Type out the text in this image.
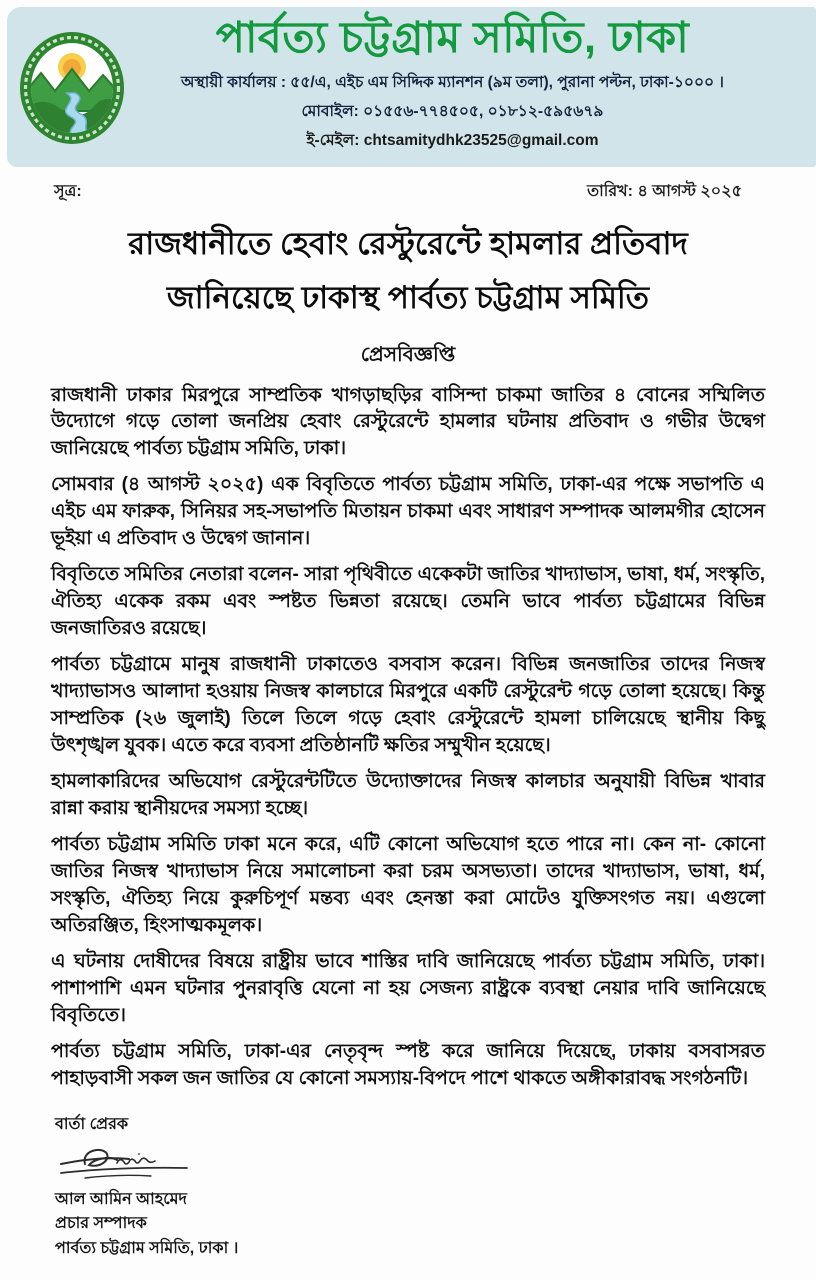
পার্বত্য চট্টগ্রাম সমিতি, ঢাকা

অস্থায়ী কার্যালয় : ৫৫/এ, এইচ এম সিদ্দিক ম্যানশন (৯ম তলা), পুরানা পল্টন, ঢাকা-১০০০ ।

মোবাইল: ০১৫৫৬-৭৭৪৫০৫, ০১৮১২-৫৯৫৬৭৯

ই-মেইল: chtsamitydhk23525@gmail.com

সূত্র:	তারিখ: ৪ আগস্ট ২০২৫
রাজধানীতে হেবাং রেস্টুরেন্টে হামলার প্রতিবাদ
জানিয়েছে ঢাকাস্থ পার্বত্য চট্টগ্রাম সমিতি
প্রেসবিজ্ঞপ্তি

রাজধানী ঢাকার মিরপুরে সাম্প্রতিক খাগড়াছড়ির বাসিন্দা চাকমা জাতির ৪ বোনের সম্মিলিত উদ্যোগে গড়ে তোলা জনপ্রিয় হেবাং রেস্টুরেন্টে হামলার ঘটনায় প্রতিবাদ ও গভীর উদ্বেগ জানিয়েছে পার্বত্য চট্টগ্রাম সমিতি, ঢাকা।

সোমবার (৪ আগস্ট ২০২৫) এক বিবৃতিতে পার্বত্য চট্টগ্রাম সমিতি, ঢাকা-এর পক্ষে সভাপতি এ এইচ এম ফারুক, সিনিয়র সহ-সভাপতি মিতায়ন চাকমা এবং সাধারণ সম্পাদক আলমগীর হোসেন ভূইয়া এ প্রতিবাদ ও উদ্বেগ জানান।

বিবৃতিতে সমিতির নেতারা বলেন- সারা পৃথিবীতে একেকটা জাতির খাদ্যাভাস, ভাষা, ধর্ম, সংস্কৃতি, ঐতিহ্য একেক রকম এবং স্পষ্টত ভিন্নতা রয়েছে। তেমনি ভাবে পার্বত্য চট্টগ্রামের বিভিন্ন জনজাতিরও রয়েছে।

পার্বত্য চট্টগ্রামে মানুষ রাজধানী ঢাকাতেও বসবাস করেন। বিভিন্ন জনজাতির তাদের নিজস্ব খাদ্যাভাসও আলাদা হওয়ায় নিজস্ব কালচারে মিরপুরে একটি রেস্টুরেন্ট গড়ে তোলা হয়েছে। কিন্তু সাম্প্রতিক (২৬ জুলাই) তিলে তিলে গড়ে হেবাং রেস্টুরেন্টে হামলা চালিয়েছে স্থানীয় কিছু উৎশৃঙ্খল যুবক। এতে করে ব্যবসা প্রতিষ্ঠানটি ক্ষতির সম্মুখীন হয়েছে।

হামলাকারিদের অভিযোগ রেস্টুরেন্টটিতে উদ্যোক্তাদের নিজস্ব কালচার অনুযায়ী বিভিন্ন খাবার রান্না করায় স্থানীয়দের সমস্যা হচ্ছে।

পার্বত্য চট্টগ্রাম সমিতি ঢাকা মনে করে, এটি কোনো অভিযোগ হতে পারে না। কেন না- কোনো জাতির নিজস্ব খাদ্যাভাস নিয়ে সমালোচনা করা চরম অসভ্যতা। তাদের খাদ্যাভাস, ভাষা, ধর্ম, সংস্কৃতি, ঐতিহ্য নিয়ে কুরুচিপূর্ণ মন্তব্য এবং হেনস্তা করা মোটেও যুক্তিসংগত নয়। এগুলো অতিরঞ্জিত, হিংসাত্মকমূলক।

এ ঘটনায় দোষীদের বিষয়ে রাষ্ট্রীয় ভাবে শাস্তির দাবি জানিয়েছে পার্বত্য চট্টগ্রাম সমিতি, ঢাকা। পাশাপাশি এমন ঘটনার পুনরাবৃত্তি যেনো না হয় সেজন্য রাষ্ট্রকে ব্যবস্থা নেয়ার দাবি জানিয়েছে বিবৃতিতে।

পার্বত্য চট্টগ্রাম সমিতি, ঢাকা-এর নেতৃবৃন্দ স্পষ্ট করে জানিয়ে দিয়েছে, ঢাকায় বসবাসরত পাহাড়বাসী সকল জন জাতির যে কোনো সমস্যায়-বিপদে পাশে থাকতে অঙ্গীকারাবদ্ধ সংগঠনটি।

বার্তা প্রেরক

আল আমিন আহমেদ

প্রচার সম্পাদক

পার্বত্য চট্টগ্রাম সমিতি, ঢাকা ।
